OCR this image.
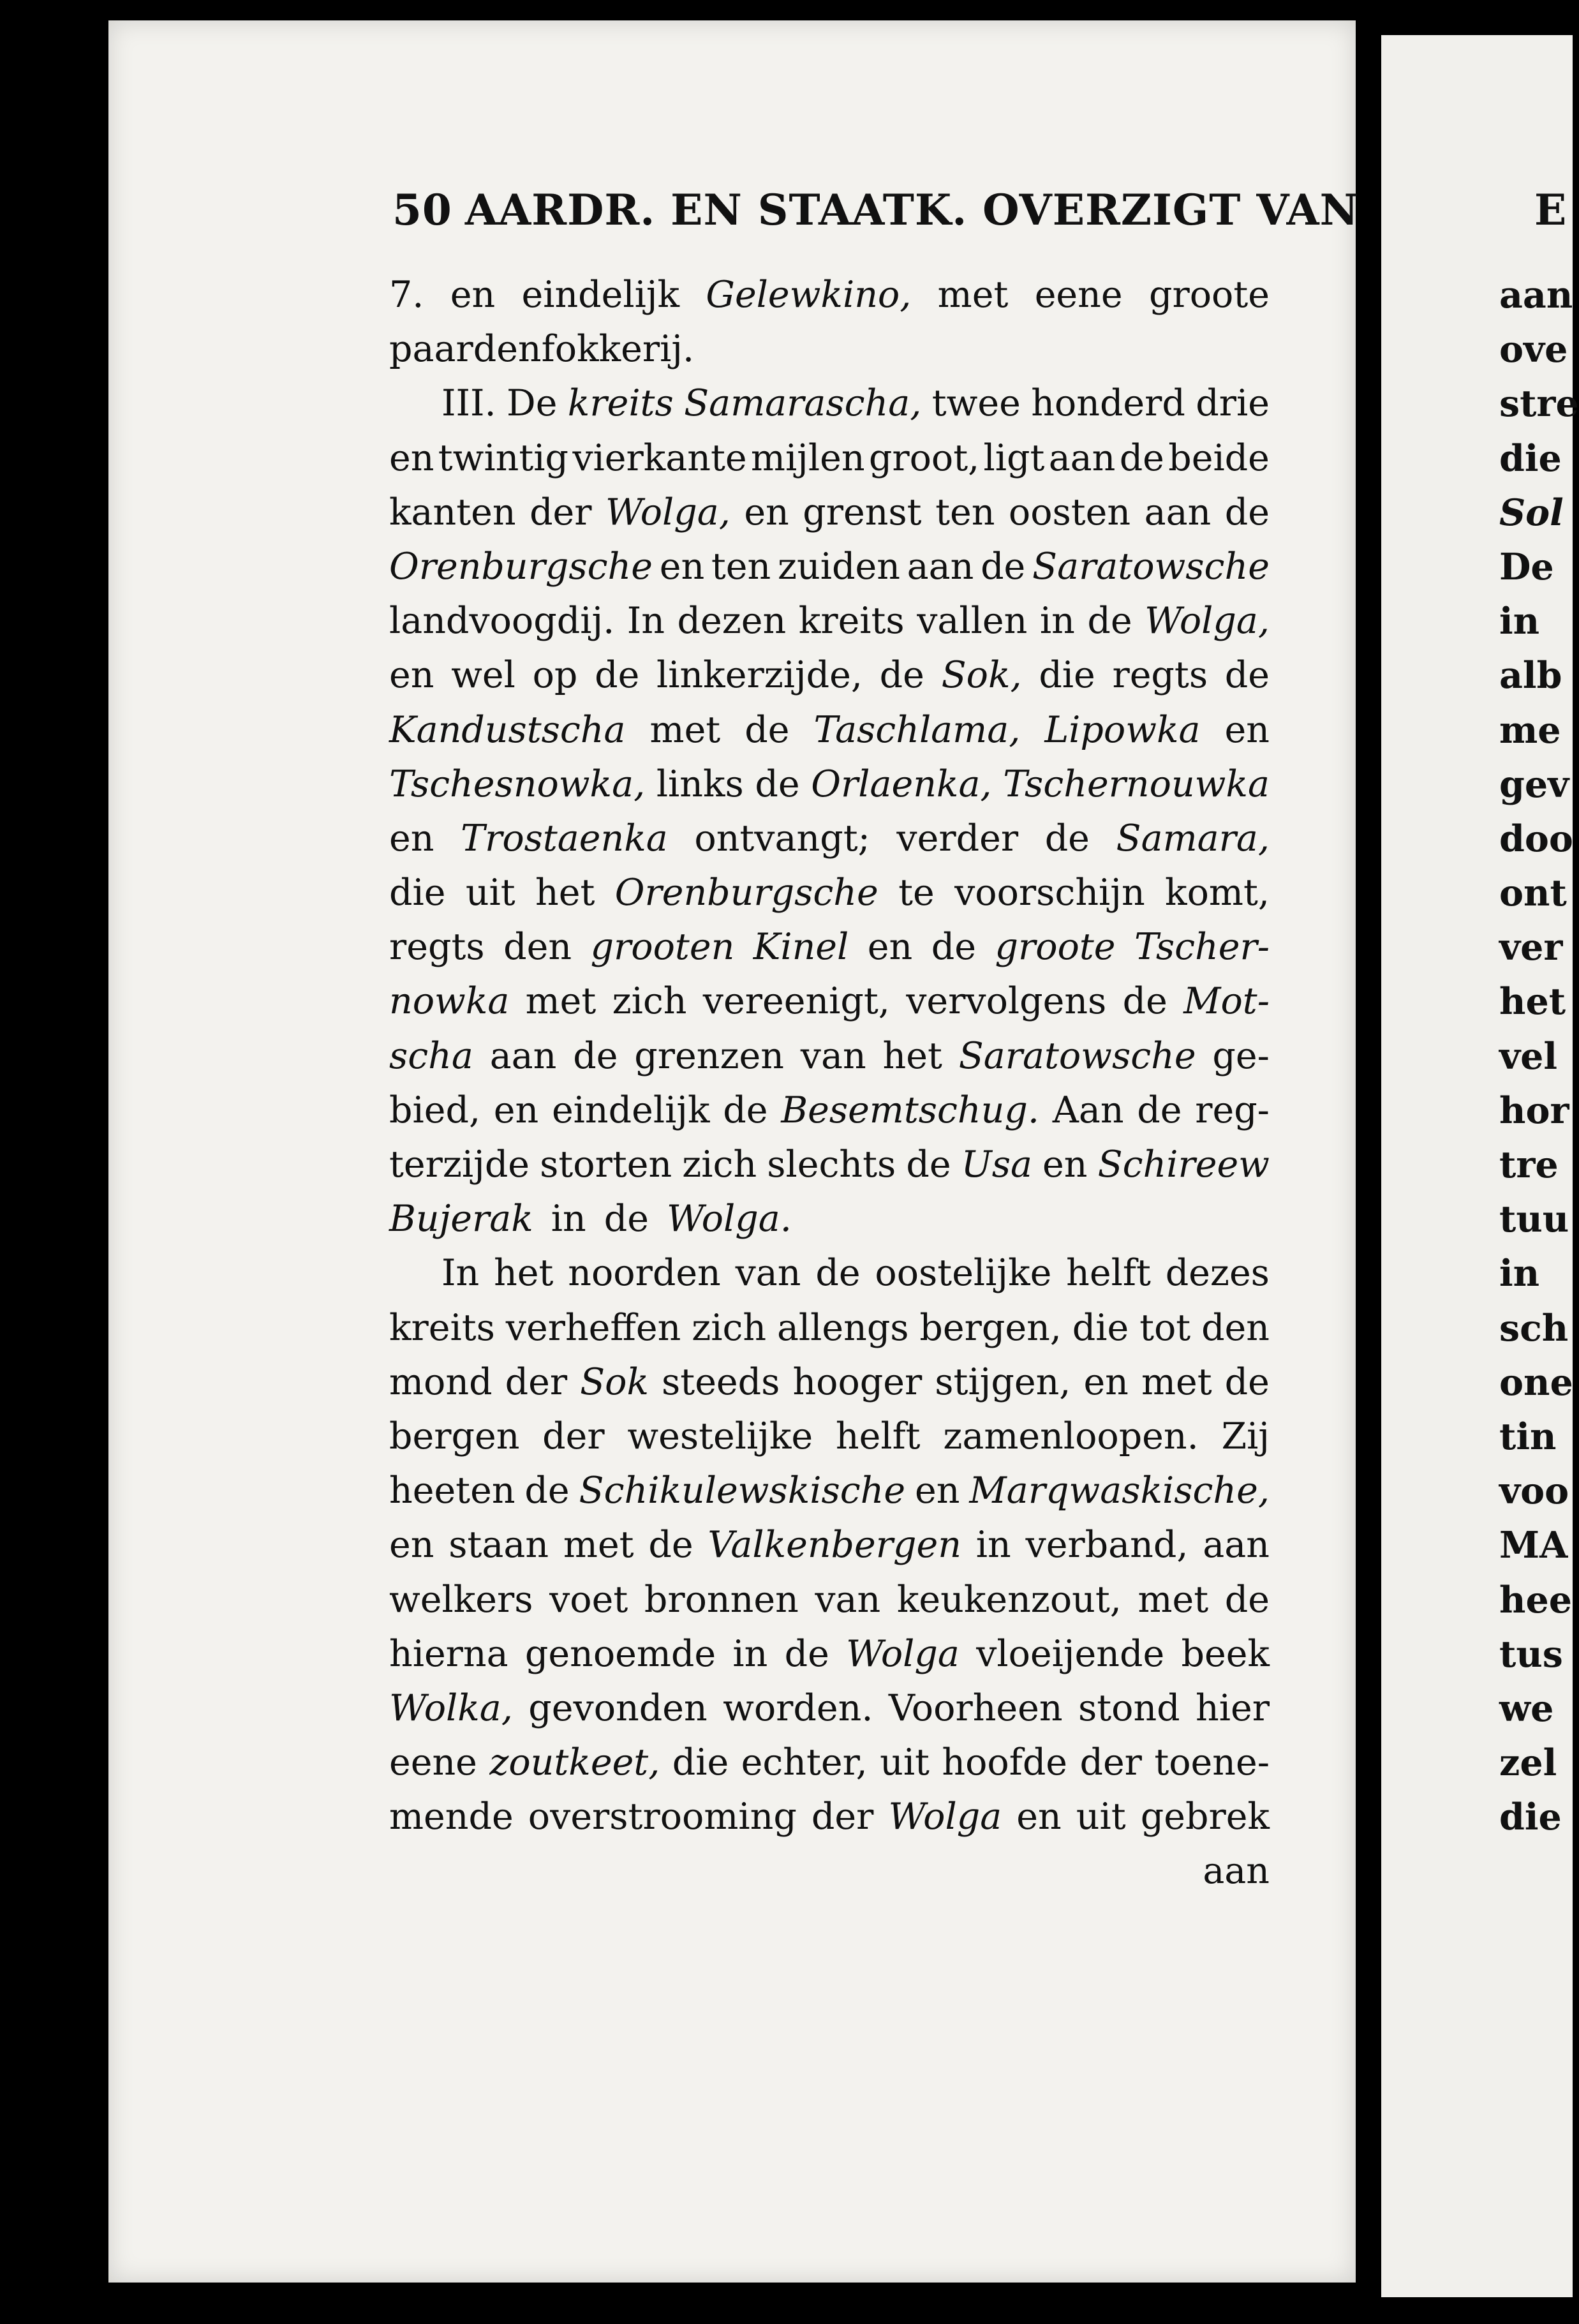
50 AARDR. EN STAATK. OVERZIGT VAN
7. en eindelijk Gelewkino, met eene groote
paardenfokkerij.
III. De kreits Samarascha, twee honderd drie
en twintig vierkante mijlen groot, ligt aan de beide
kanten der Wolga, en grenst ten oosten aan de
Orenburgsche en ten zuiden aan de Saratowsche
landvoogdij. In dezen kreits vallen in de Wolga,
en wel op de linkerzijde, de Sok, die regts de
Kandustscha met de Taschlama, Lipowka en
Tschesnowka, links de Orlaenka, Tschernouwka
en Trostaenka ontvangt; verder de Samara,
die uit het Orenburgsche te voorschijn komt,
regts den grooten Kinel en de groote Tscher-
nowka met zich vereenigt, vervolgens de Mot-
scha aan de grenzen van het Saratowsche ge-
bied, en eindelijk de Besemtschug. Aan de reg-
terzijde storten zich slechts de Usa en Schireew
Bujerak in de Wolga.
In het noorden van de oostelijke helft dezes
kreits verheffen zich allengs bergen, die tot den
mond der Sok steeds hooger stijgen, en met de
bergen der westelijke helft zamenloopen. Zij
heeten de Schikulewskische en Marqwaskische,
en staan met de Valkenbergen in verband, aan
welkers voet bronnen van keukenzout, met de
hierna genoemde in de Wolga vloeijende beek
Wolka, gevonden worden. Voorheen stond hier
eene zoutkeet, die echter, uit hoofde der toene-
mende overstrooming der Wolga en uit gebrek
aan
E
aan
ove
stre
die
Sol
De
in
alb
me
gev
doo
ont
ver
het
vel
hor
tre
tuu
in
sch
one
tin
voo
MA
hee
tus
we
zel
die
